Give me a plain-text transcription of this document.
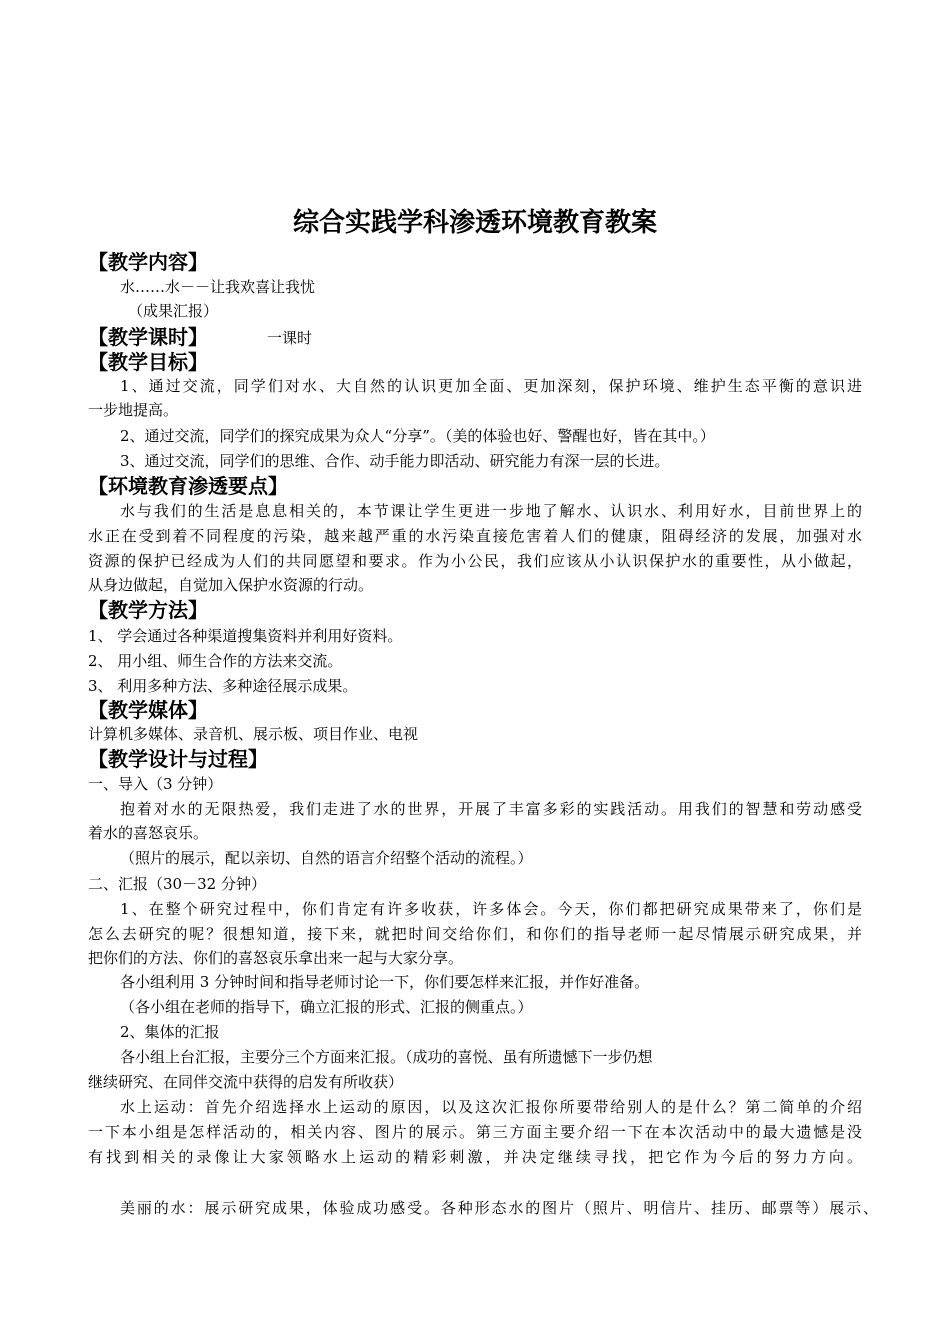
综合实践学科渗透环境教育教案
【教学内容】
水……水－－让我欢喜让我忧
（成果汇报）
【教学课时】	一课时
【教学目标】
1、通过交流，同学们对水、大自然的认识更加全面、更加深刻，保护环境、维护生态平衡的意识进
一步地提高。
2、通过交流，同学们的探究成果为众人“分享”。（美的体验也好、警醒也好，皆在其中。）
3、通过交流，同学们的思维、合作、动手能力即活动、研究能力有深一层的长进。
【环境教育渗透要点】
水与我们的生活是息息相关的，本节课让学生更进一步地了解水、认识水、利用好水，目前世界上的
水正在受到着不同程度的污染，越来越严重的水污染直接危害着人们的健康，阻碍经济的发展，加强对水
资源的保护已经成为人们的共同愿望和要求。作为小公民，我们应该从小认识保护水的重要性，从小做起，
从身边做起，自觉加入保护水资源的行动。
【教学方法】
1、 学会通过各种渠道搜集资料并利用好资料。
2、 用小组、师生合作的方法来交流。
3、 利用多种方法、多种途径展示成果。
【教学媒体】
计算机多媒体、录音机、展示板、项目作业、电视
【教学设计与过程】
一、导入（3 分钟）
抱着对水的无限热爱，我们走进了水的世界，开展了丰富多彩的实践活动。用我们的智慧和劳动感受
着水的喜怒哀乐。
（照片的展示，配以亲切、自然的语言介绍整个活动的流程。）
二、汇报（30－32 分钟）
1、在整个研究过程中，你们肯定有许多收获，许多体会。今天，你们都把研究成果带来了，你们是
怎么去研究的呢？很想知道，接下来，就把时间交给你们，和你们的指导老师一起尽情展示研究成果，并
把你们的方法、你们的喜怒哀乐拿出来一起与大家分享。
各小组利用 3 分钟时间和指导老师讨论一下，你们要怎样来汇报，并作好准备。
（各小组在老师的指导下，确立汇报的形式、汇报的侧重点。）
2、集体的汇报
各小组上台汇报，主要分三个方面来汇报。（成功的喜悦、虽有所遗憾下一步仍想
继续研究、在同伴交流中获得的启发有所收获）
水上运动：首先介绍选择水上运动的原因，以及这次汇报你所要带给别人的是什么？第二简单的介绍
一下本小组是怎样活动的，相关内容、图片的展示。第三方面主要介绍一下在本次活动中的最大遗憾是没
有找到相关的录像让大家领略水上运动的精彩刺激，并决定继续寻找，把它作为今后的努力方向。
美丽的水：展示研究成果，体验成功感受。各种形态水的图片（照片、明信片、挂历、邮票等）展示、
